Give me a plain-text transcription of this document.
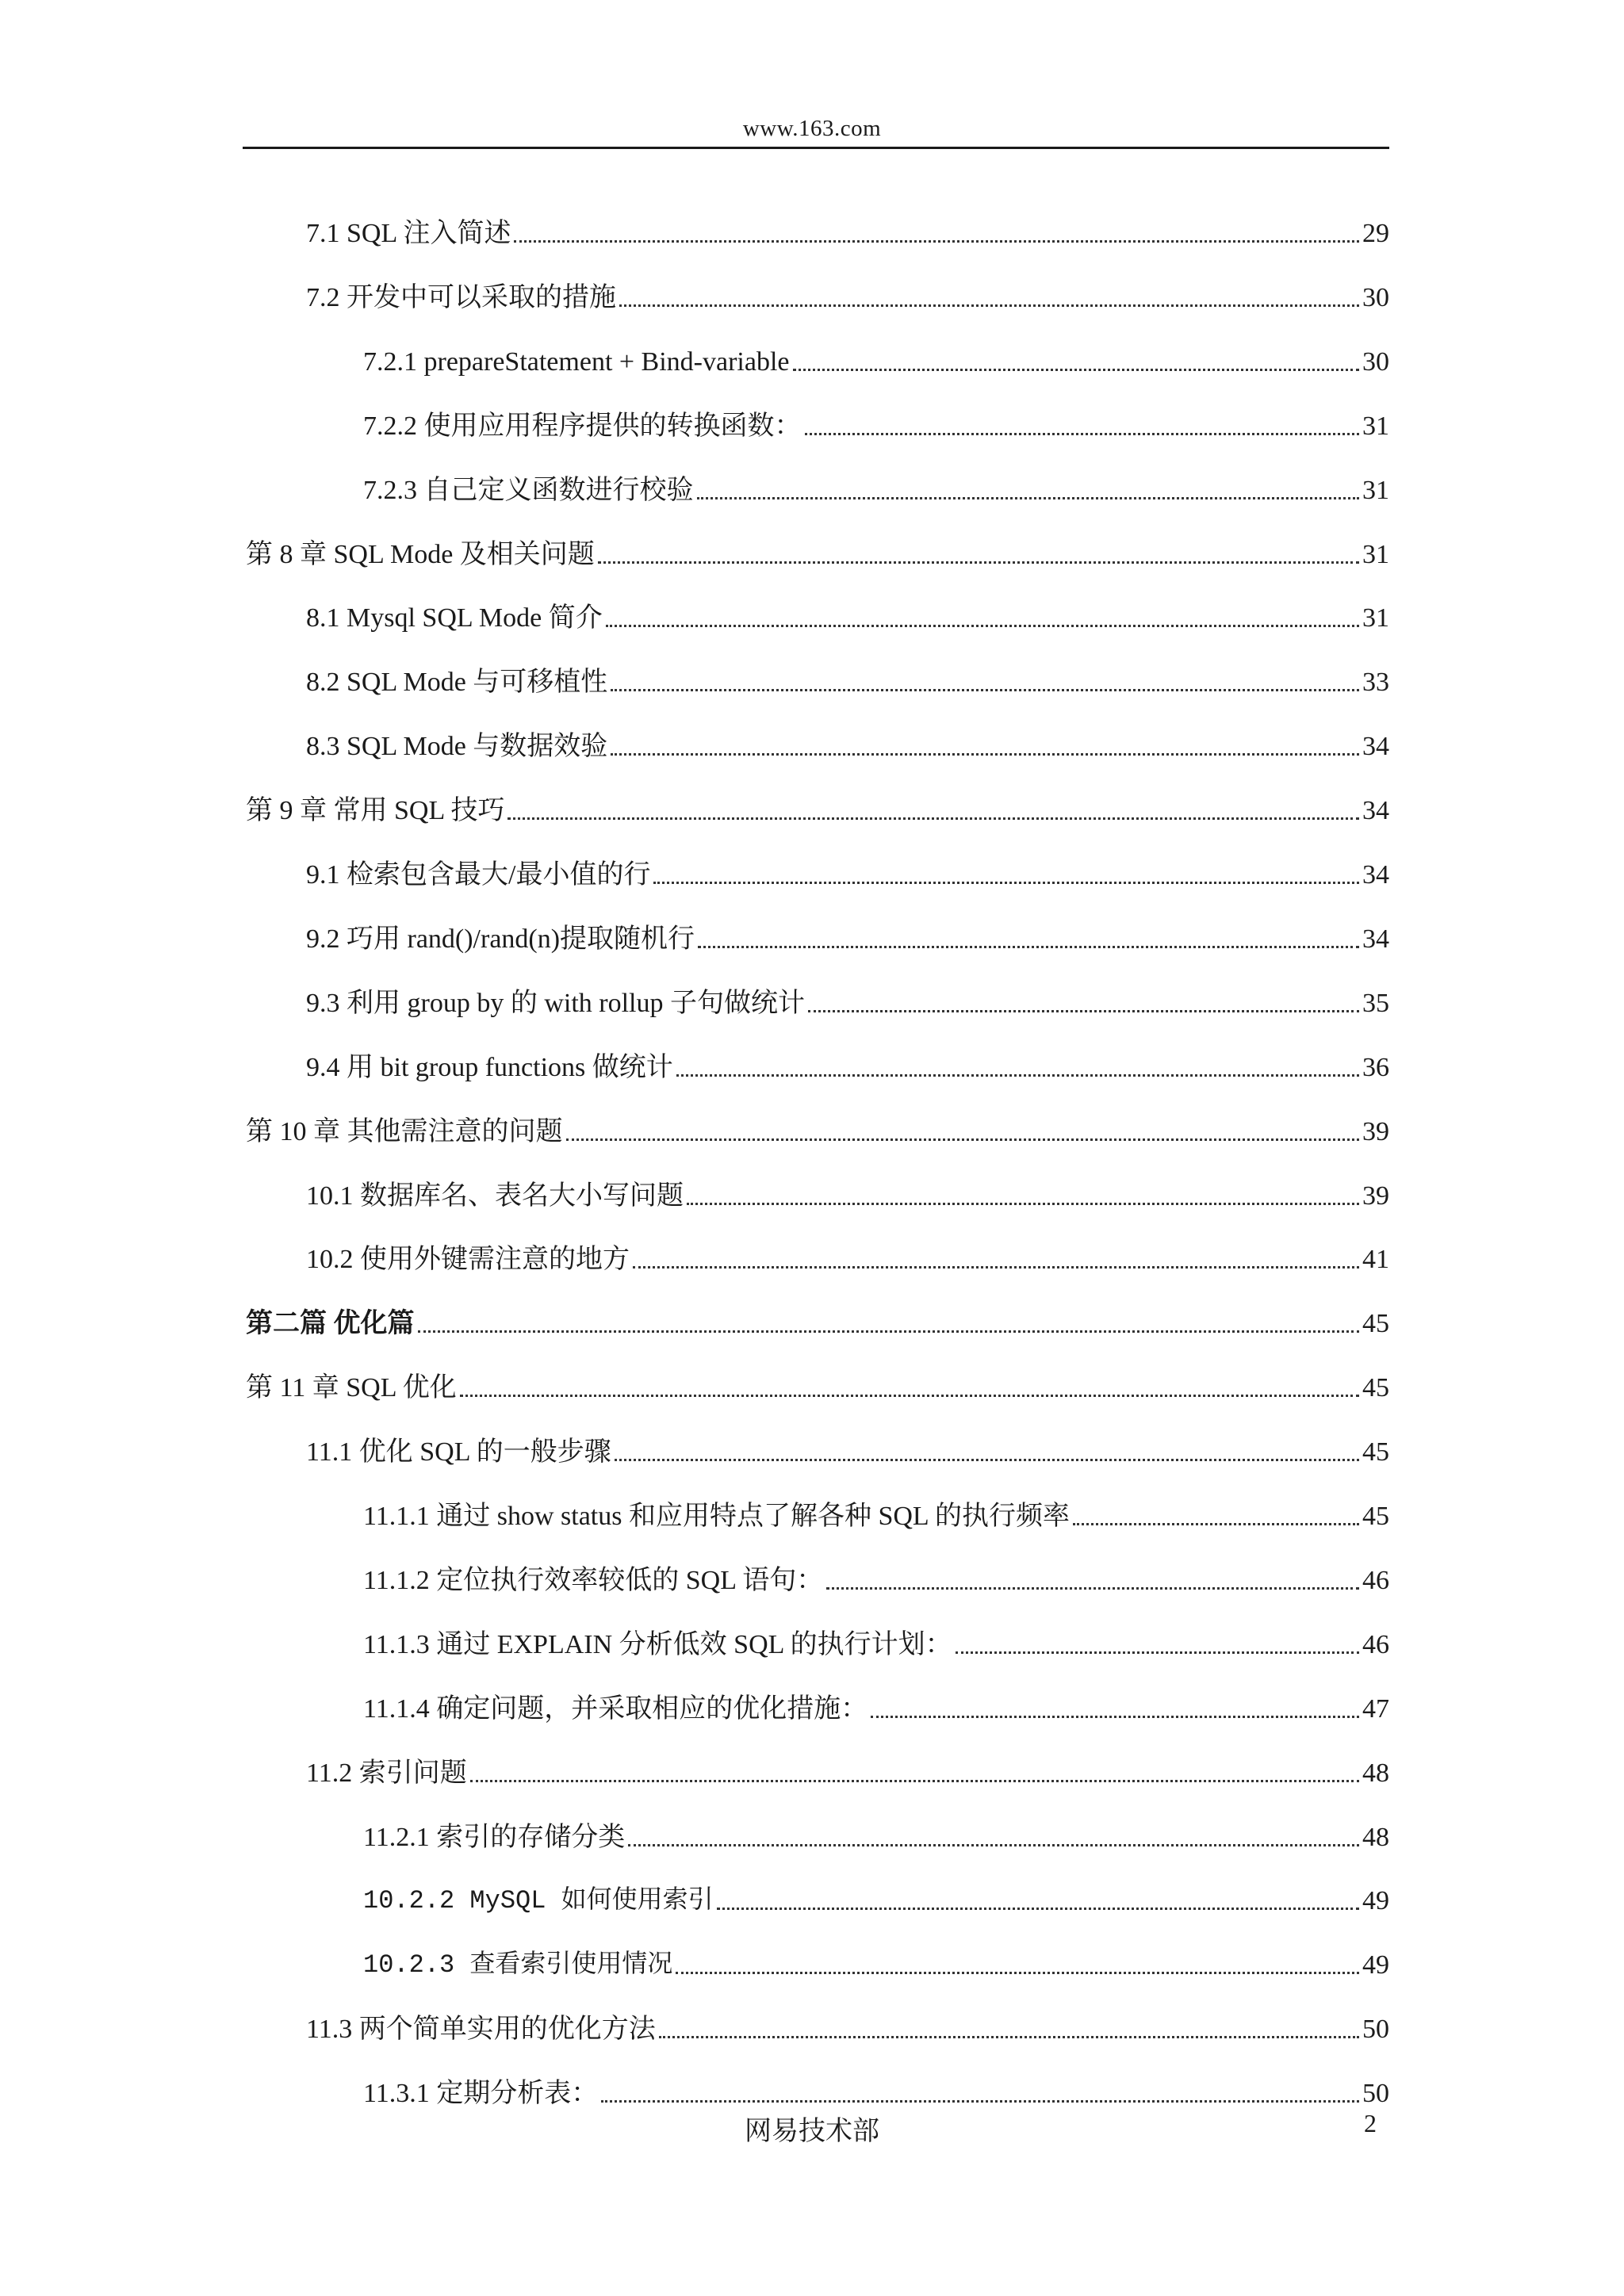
www.163.com
7.1 SQL 注入简述	29
7.2 开发中可以采取的措施	30
7.2.1 prepareStatement + Bind-variable	30
7.2.2 使用应用程序提供的转换函数：	31
7.2.3 自己定义函数进行校验	31
第 8 章 SQL Mode 及相关问题	31
8.1 Mysql SQL Mode 简介	31
8.2 SQL Mode 与可移植性	33
8.3 SQL Mode 与数据效验	34
第 9 章 常用 SQL 技巧	34
9.1 检索包含最大/最小值的行	34
9.2 巧用 rand()/rand(n)提取随机行	34
9.3 利用 group by 的 with rollup 子句做统计	35
9.4 用 bit group functions 做统计	36
第 10 章 其他需注意的问题	39
10.1 数据库名、表名大小写问题	39
10.2 使用外键需注意的地方	41
第二篇 优化篇	45
第 11 章 SQL 优化	45
11.1 优化 SQL 的一般步骤	45
11.1.1 通过 show status 和应用特点了解各种 SQL 的执行频率	45
11.1.2 定位执行效率较低的 SQL 语句：	46
11.1.3 通过 EXPLAIN 分析低效 SQL 的执行计划：	46
11.1.4 确定问题，并采取相应的优化措施：	47
11.2 索引问题	48
11.2.1 索引的存储分类	48
10.2.2 MySQL 如何使用索引	49
10.2.3 查看索引使用情况	49
11.3 两个简单实用的优化方法	50
11.3.1 定期分析表：	50
网易技术部	2
